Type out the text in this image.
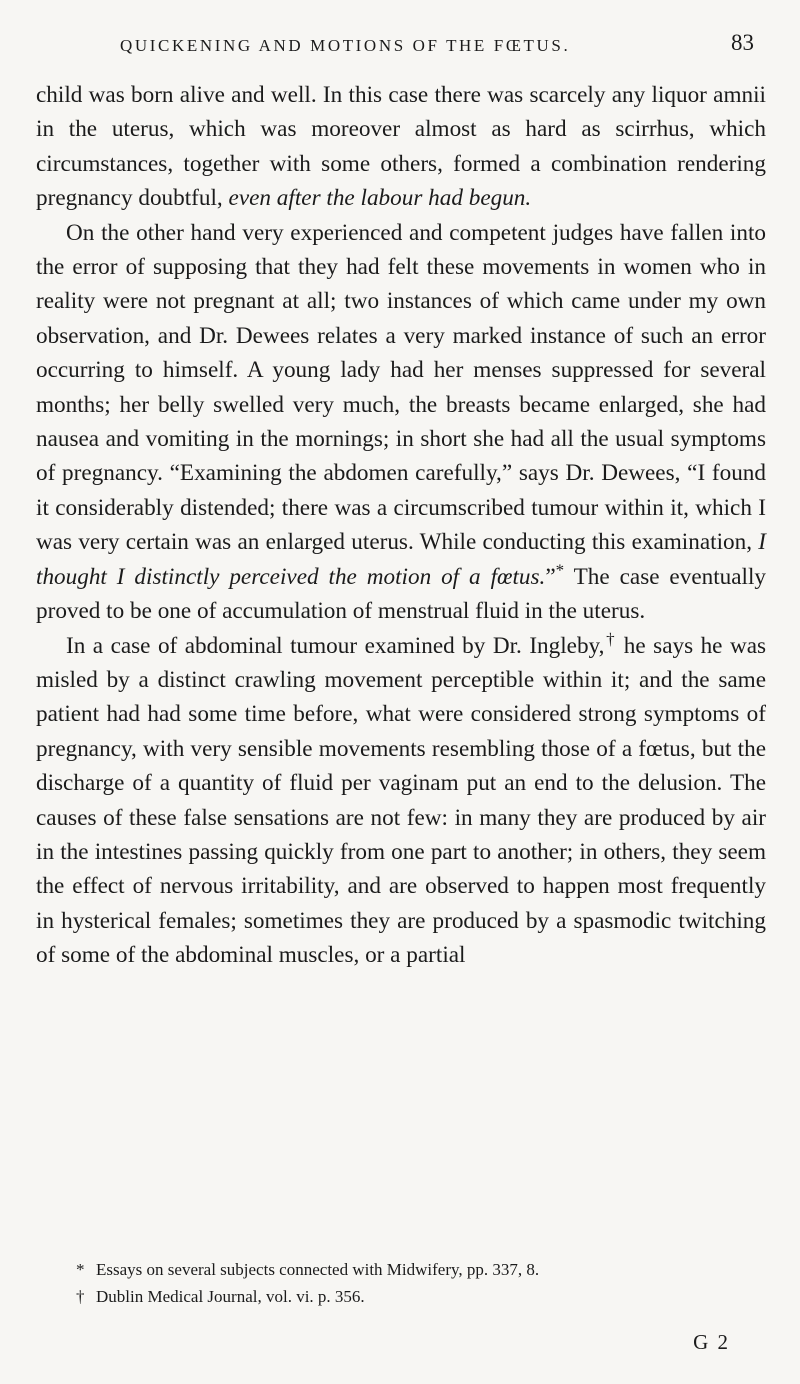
QUICKENING AND MOTIONS OF THE FŒTUS.	83

child was born alive and well. In this case there was scarcely any liquor amnii in the uterus, which was moreover almost as hard as scirrhus, which circumstances, together with some others, formed a combination rendering pregnancy doubtful, even after the labour had begun.

On the other hand very experienced and competent judges have fallen into the error of supposing that they had felt these movements in women who in reality were not pregnant at all; two instances of which came under my own observation, and Dr. Dewees relates a very marked instance of such an error occurring to himself. A young lady had her menses suppressed for several months; her belly swelled very much, the breasts became enlarged, she had nausea and vomiting in the mornings; in short she had all the usual symptoms of pregnancy. “Examining the abdomen carefully,” says Dr. Dewees, “I found it considerably distended; there was a circumscribed tumour within it, which I was very certain was an enlarged uterus. While conducting this examination, I thought I distinctly perceived the motion of a fœtus.”* The case eventually proved to be one of accumulation of menstrual fluid in the uterus.

In a case of abdominal tumour examined by Dr. Ingleby,† he says he was misled by a distinct crawling movement perceptible within it; and the same patient had had some time before, what were considered strong symptoms of pregnancy, with very sensible movements resembling those of a fœtus, but the discharge of a quantity of fluid per vaginam put an end to the delusion. The causes of these false sensations are not few: in many they are produced by air in the intestines passing quickly from one part to another; in others, they seem the effect of nervous irritability, and are observed to happen most frequently in hysterical females; sometimes they are produced by a spasmodic twitching of some of the abdominal muscles, or a partial

* Essays on several subjects connected with Midwifery, pp. 337, 8.
† Dublin Medical Journal, vol. vi. p. 356.
G 2
